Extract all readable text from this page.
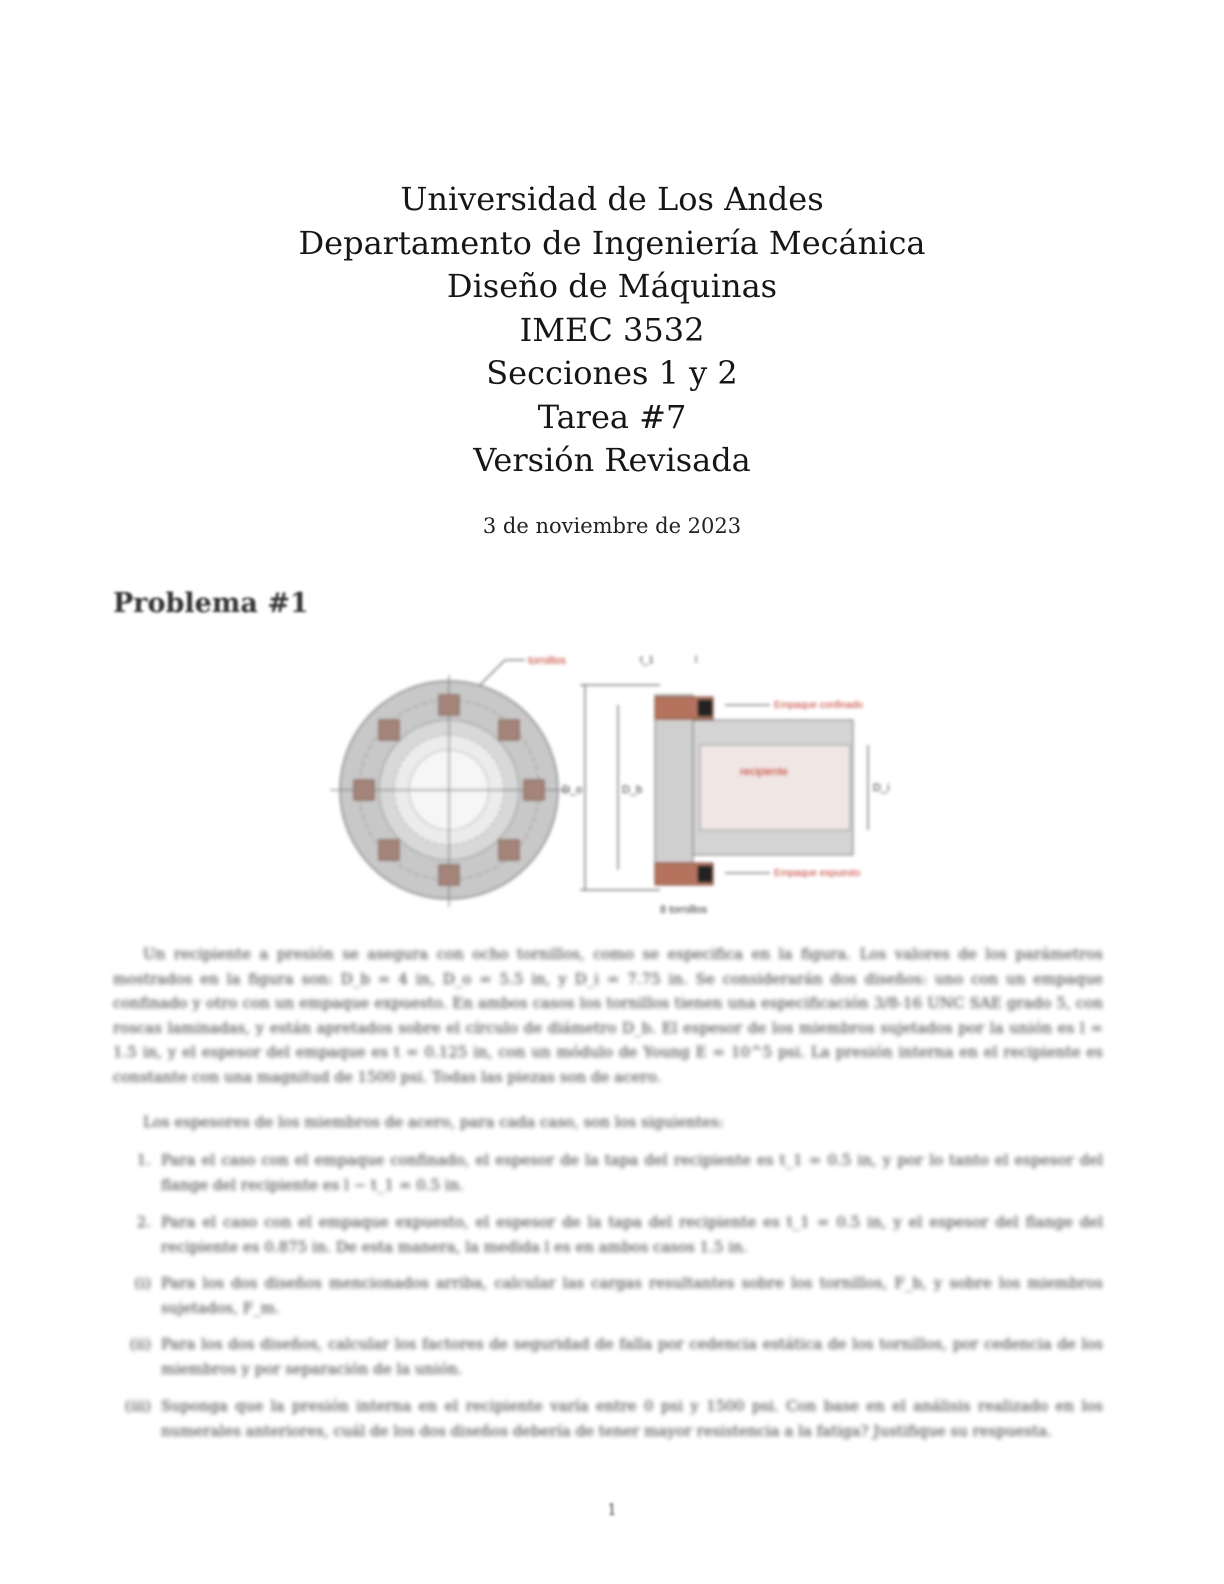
Universidad de Los Andes
Departamento de Ingeniería Mecánica
Diseño de Máquinas
IMEC 3532
Secciones 1 y 2
Tarea #7
Versión Revisada
3 de noviembre de 2023
Problema #1
tornillos
D_o	D_b
recipiente
Empaque confinado
Empaque expuesto
D_i
t_1	l
8 tornillos
Un recipiente a presión se asegura con ocho tornillos, como se especifica en la figura. Los valores de los parámetros mostrados en la figura son: D_b = 4 in, D_o = 5.5 in, y D_i = 7.75 in. Se considerarán dos diseños: uno con un empaque confinado y otro con un empaque expuesto. En ambos casos los tornillos tienen una especificación 3/8-16 UNC SAE grado 5, con roscas laminadas, y están apretados sobre el círculo de diámetro D_b. El espesor de los miembros sujetados por la unión es l = 1.5 in, y el espesor del empaque es t = 0.125 in, con un módulo de Young E = 10^5 psi. La presión interna en el recipiente es constante con una magnitud de 1500 psi. Todas las piezas son de acero.
Los espesores de los miembros de acero, para cada caso, son los siguientes:
1. Para el caso con el empaque confinado, el espesor de la tapa del recipiente es t_1 = 0.5 in, y por lo tanto el espesor del flange del recipiente es l − t_1 = 0.5 in.
2. Para el caso con el empaque expuesto, el espesor de la tapa del recipiente es t_1 = 0.5 in, y el espesor del flange del recipiente es 0.875 in. De esta manera, la medida l es en ambos casos 1.5 in.
(i) Para los dos diseños mencionados arriba, calcular las cargas resultantes sobre los tornillos, F_b, y sobre los miembros sujetados, F_m.
(ii) Para los dos diseños, calcular los factores de seguridad de falla por cedencia estática de los tornillos, por cedencia de los miembros y por separación de la unión.
(iii) Suponga que la presión interna en el recipiente varía entre 0 psi y 1500 psi. Con base en el análisis realizado en los numerales anteriores, cuál de los dos diseños debería de tener mayor resistencia a la fatiga? Justifique su respuesta.
1
